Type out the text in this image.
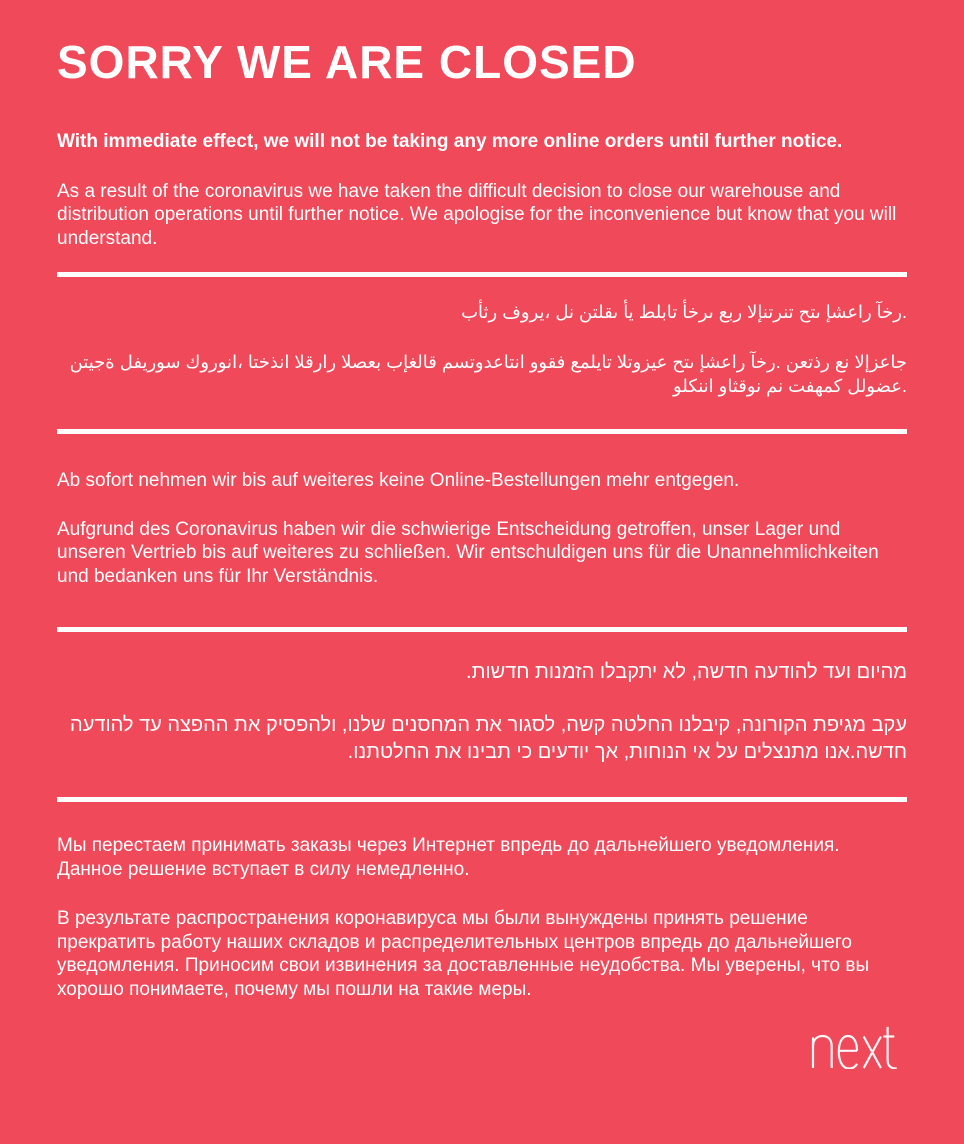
SORRY WE ARE CLOSED

With immediate effect, we will not be taking any more online orders until further notice.

As a result of the coronavirus we have taken the difficult decision to close our warehouse and distribution operations until further notice. We apologise for the inconvenience but know that you will understand.

بأثر فوري، لن نتلقى أي طلبات أخرى عبر الإنترنت حتى إشعار آخر.

نتيجة لفيروس كورونا، اتخذنا القرار الصعب بإغلاق مستودعاتنا ووقف عمليات التوزيع حتى إشعار آخر. نعتذر عن الإزعاج ولكننا واثقون من تفهمك للوضع.

Ab sofort nehmen wir bis auf weiteres keine Online-Bestellungen mehr entgegen.

Aufgrund des Coronavirus haben wir die schwierige Entscheidung getroffen, unser Lager und unseren Vertrieb bis auf weiteres zu schließen. Wir entschuldigen uns für die Unannehmlichkeiten und bedanken uns für Ihr Verständnis.

מהיום ועד להודעה חדשה, לא יתקבלו הזמנות חדשות.

עקב מגיפת הקורונה, קיבלנו החלטה קשה, לסגור את המחסנים שלנו, ולהפסיק את ההפצה עד להודעה חדשה.אנו מתנצלים על אי הנוחות, אך יודעים כי תבינו את החלטתנו.

Мы перестаем принимать заказы через Интернет впредь до дальнейшего уведомления. Данное решение вступает в силу немедленно.

В результате распространения коронавируса мы были вынуждены принять решение прекратить работу наших складов и распределительных центров впредь до дальнейшего уведомления. Приносим свои извинения за доставленные неудобства. Мы уверены, что вы хорошо понимаете, почему мы пошли на такие меры.
